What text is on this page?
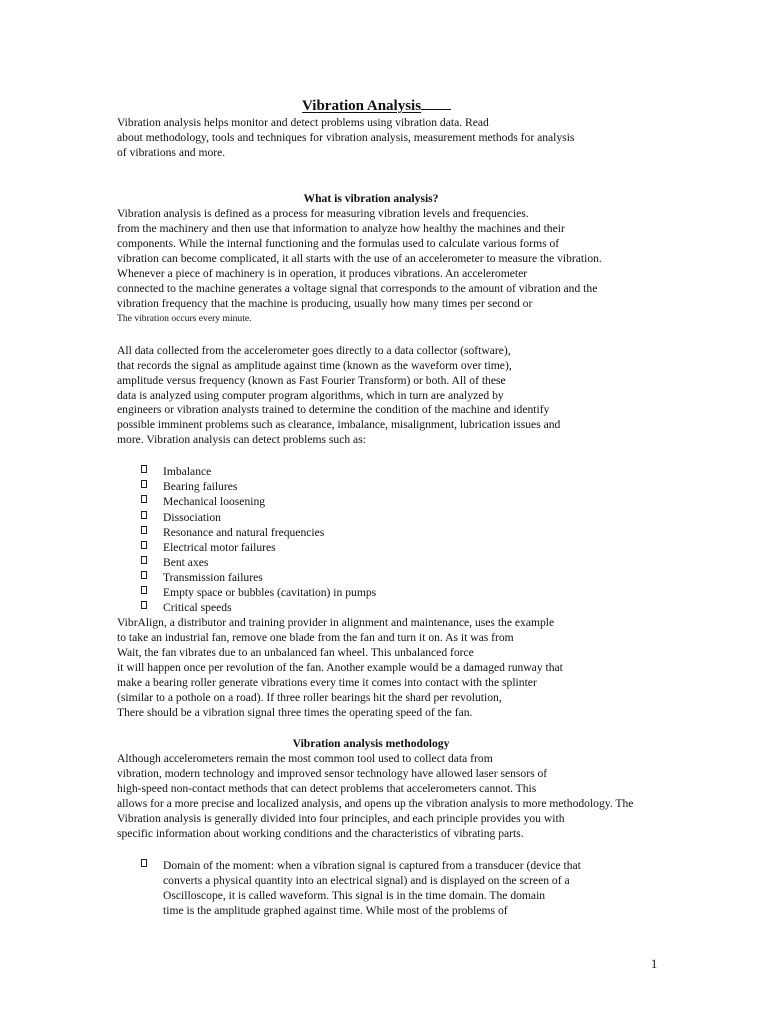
Vibration Analysis
Vibration analysis helps monitor and detect problems using vibration data. Read
about methodology, tools and techniques for vibration analysis, measurement methods for analysis
of vibrations and more.
What is vibration analysis?
Vibration analysis is defined as a process for measuring vibration levels and frequencies.
from the machinery and then use that information to analyze how healthy the machines and their
components. While the internal functioning and the formulas used to calculate various forms of
vibration can become complicated, it all starts with the use of an accelerometer to measure the vibration.
Whenever a piece of machinery is in operation, it produces vibrations. An accelerometer
connected to the machine generates a voltage signal that corresponds to the amount of vibration and the
vibration frequency that the machine is producing, usually how many times per second or
The vibration occurs every minute.
All data collected from the accelerometer goes directly to a data collector (software),
that records the signal as amplitude against time (known as the waveform over time),
amplitude versus frequency (known as Fast Fourier Transform) or both. All of these
data is analyzed using computer program algorithms, which in turn are analyzed by
engineers or vibration analysts trained to determine the condition of the machine and identify
possible imminent problems such as clearance, imbalance, misalignment, lubrication issues and
more. Vibration analysis can detect problems such as:
Imbalance
Bearing failures
Mechanical loosening
Dissociation
Resonance and natural frequencies
Electrical motor failures
Bent axes
Transmission failures
Empty space or bubbles (cavitation) in pumps
Critical speeds
VibrAlign, a distributor and training provider in alignment and maintenance, uses the example
to take an industrial fan, remove one blade from the fan and turn it on. As it was from
Wait, the fan vibrates due to an unbalanced fan wheel. This unbalanced force
it will happen once per revolution of the fan. Another example would be a damaged runway that
make a bearing roller generate vibrations every time it comes into contact with the splinter
(similar to a pothole on a road). If three roller bearings hit the shard per revolution,
There should be a vibration signal three times the operating speed of the fan.
Vibration analysis methodology
Although accelerometers remain the most common tool used to collect data from
vibration, modern technology and improved sensor technology have allowed laser sensors of
high-speed non-contact methods that can detect problems that accelerometers cannot. This
allows for a more precise and localized analysis, and opens up the vibration analysis to more methodology. The
Vibration analysis is generally divided into four principles, and each principle provides you with
specific information about working conditions and the characteristics of vibrating parts.
Domain of the moment: when a vibration signal is captured from a transducer (device that
converts a physical quantity into an electrical signal) and is displayed on the screen of a
Oscilloscope, it is called waveform. This signal is in the time domain. The domain
time is the amplitude graphed against time. While most of the problems of
1
